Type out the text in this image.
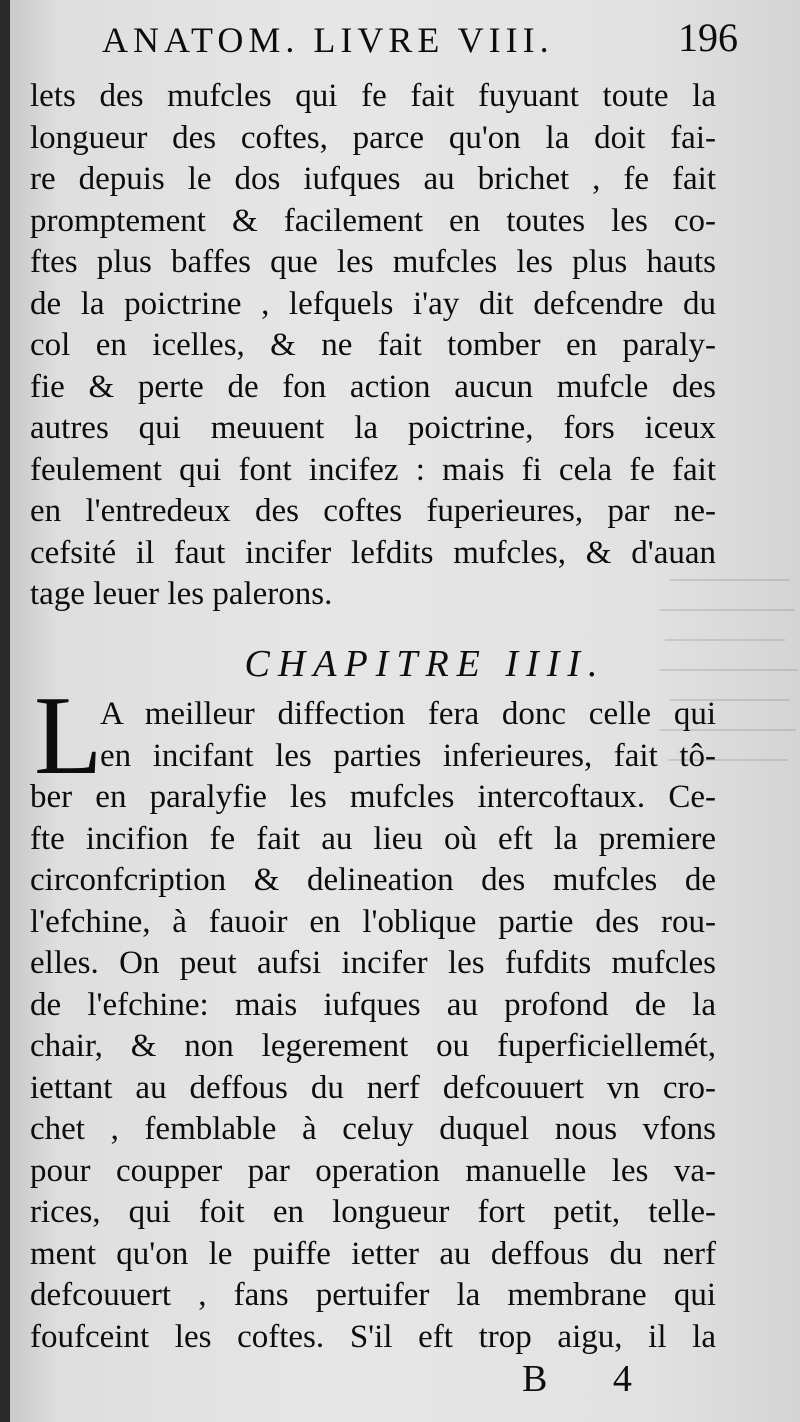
ANATOM. LIVRE VIII.	196
lets des mufcles qui fe fait fuyuant toute la
longueur des coftes, parce qu'on la doit fai-
re depuis le dos iufques au brichet , fe fait
promptement & facilement en toutes les co-
ftes plus baffes que les mufcles les plus hauts
de la poictrine , lefquels i'ay dit defcendre du
col en icelles, & ne fait tomber en paraly-
fie & perte de fon action aucun mufcle des
autres qui meuuent la poictrine, fors iceux
feulement qui font incifez : mais fi cela fe fait
en l'entredeux des coftes fuperieures, par ne-
cefsité il faut incifer lefdits mufcles, & d'auan
tage leuer les palerons.
CHAPITRE IIII.
L
A meilleur diffection fera donc celle qui
en incifant les parties inferieures, fait tô-
ber en paralyfie les mufcles intercoftaux. Ce-
fte incifion fe fait au lieu où eft la premiere
circonfcription & delineation des mufcles de
l'efchine, à fauoir en l'oblique partie des rou-
elles. On peut aufsi incifer les fufdits mufcles
de l'efchine: mais iufques au profond de la
chair, & non legerement ou fuperficiellemét,
iettant au deffous du nerf defcouuert vn cro-
chet , femblable à celuy duquel nous vfons
pour coupper par operation manuelle les va-
rices, qui foit en longueur fort petit, telle-
ment qu'on le puiffe ietter au deffous du nerf
defcouuert , fans pertuifer la membrane qui
foufceint les coftes. S'il eft trop aigu, il la
B 4
